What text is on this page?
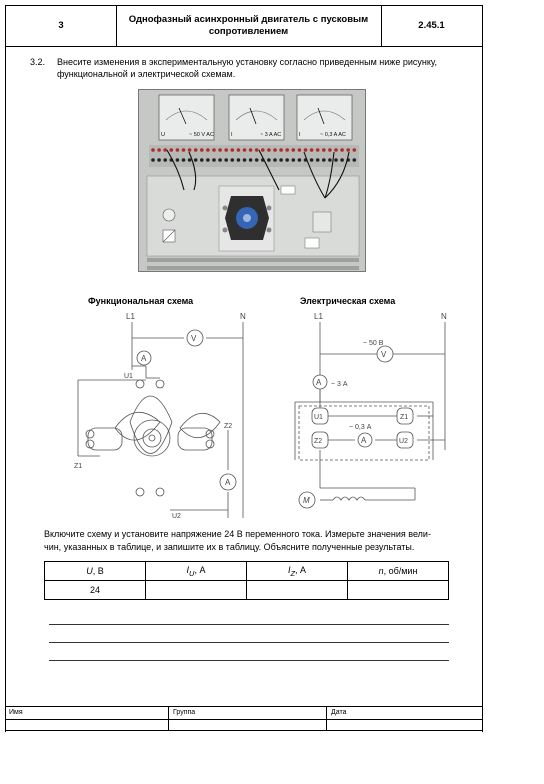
3
Однофазный асинхронный двигатель с пусковым сопротивлением
2.45.1
3.2. Внесите изменения в экспериментальную установку согласно приведенным ниже рисунку,
функциональной и электрической схемам.
U	~ 50 V AC	I	~ 3 A AC	I	~ 0,3 A AC
Функциональная схема	Электрическая схема
L1	N
V
A
A
U1
Z1
Z2
U2
L1	N
V
~ 50 В
A ~ 3 А
U1	Z1
Z2	U2
A
~ 0,3 А
M
Включите схему и установите напряжение 24 В переменного тока. Измерьте значения вели-
чин, указанных в таблице, и запишите их в таблицу. Объясните полученные результаты.
U, В	$I_U$, А	$I_Z$, А	n, об/мин
24			
Имя	Группа	Дата
